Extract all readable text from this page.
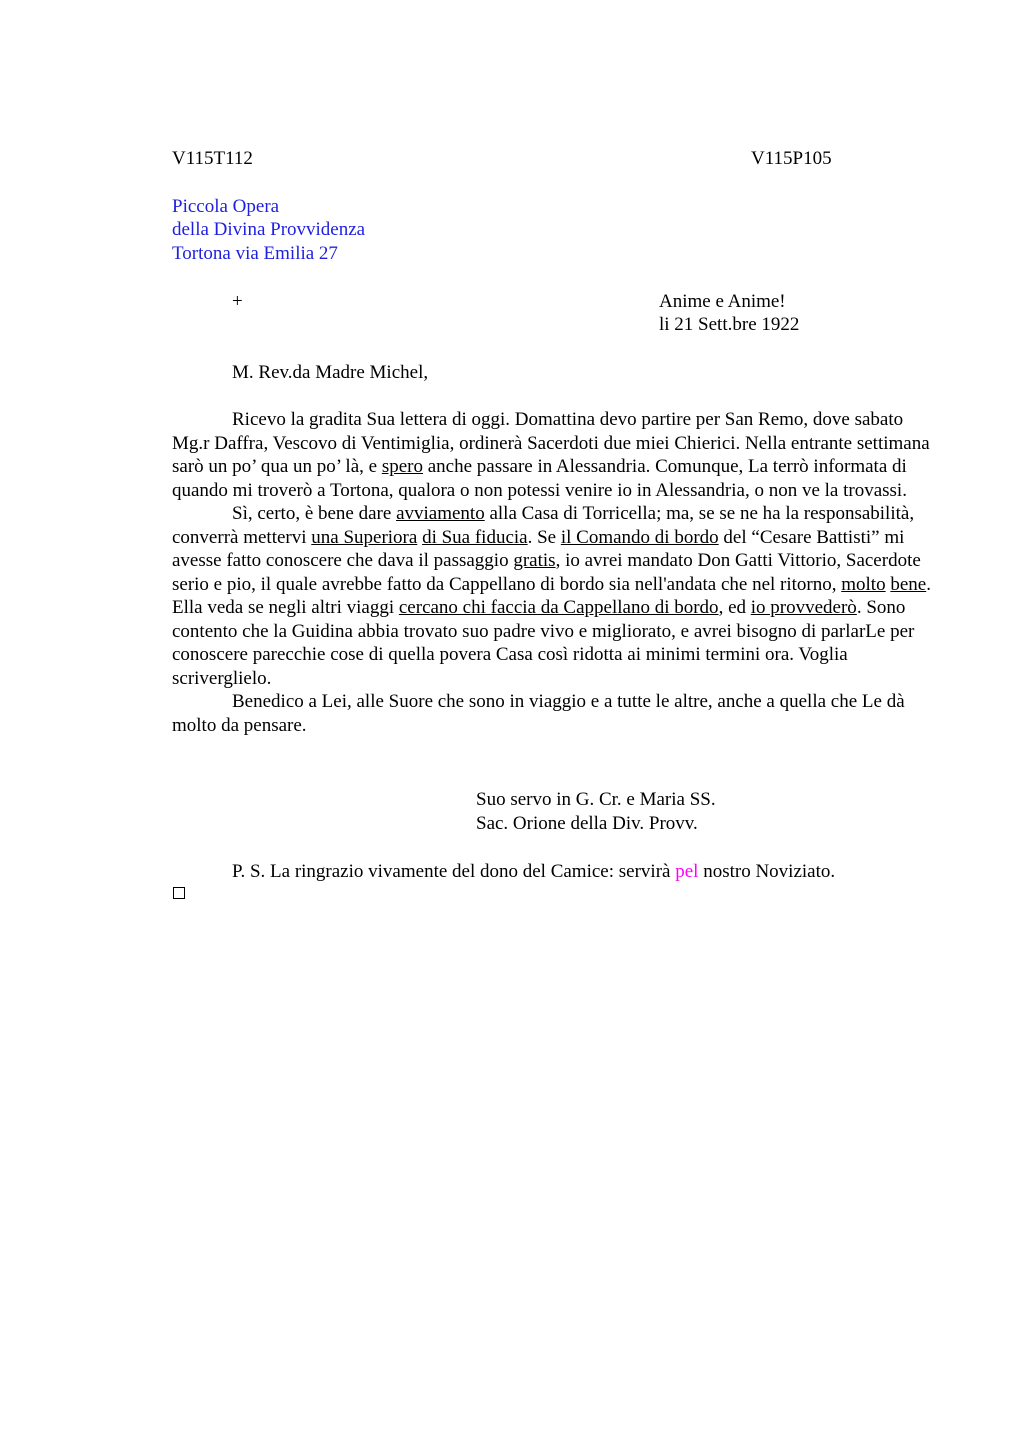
V115T112	V115P105
Piccola Opera
della Divina Provvidenza
Tortona via Emilia 27
+	Anime e Anime!
li 21 Sett.bre 1922
M. Rev.da Madre Michel,

Ricevo la gradita Sua lettera di oggi. Domattina devo partire per San Remo, dove sabato Mg.r Daffra, Vescovo di Ventimiglia, ordinerà Sacerdoti due miei Chierici. Nella entrante settimana sarò un po’ qua un po’ là, e spero anche passare in Alessandria. Comunque, La terrò informata di quando mi troverò a Tortona, qualora o non potessi venire io in Alessandria, o non ve la trovassi.

Sì, certo, è bene dare avviamento alla Casa di Torricella; ma, se se ne ha la responsabilità, converrà mettervi una Superiora di Sua fiducia. Se il Comando di bordo del “Cesare Battisti” mi avesse fatto conoscere che dava il passaggio gratis, io avrei mandato Don Gatti Vittorio, Sacerdote serio e pio, il quale avrebbe fatto da Cappellano di bordo sia nell'andata che nel ritorno, molto bene. Ella veda se negli altri viaggi cercano chi faccia da Cappellano di bordo, ed io provvederò. Sono contento che la Guidina abbia trovato suo padre vivo e migliorato, e avrei bisogno di parlarLe per conoscere parecchie cose di quella povera Casa così ridotta ai minimi termini ora. Voglia scriverglielo.

Benedico a Lei, alle Suore che sono in viaggio e a tutte le altre, anche a quella che Le dà molto da pensare.

Suo servo in G. Cr. e Maria SS.
Sac. Orione della Div. Provv.
P. S. La ringrazio vivamente del dono del Camice: servirà pel nostro Noviziato.
